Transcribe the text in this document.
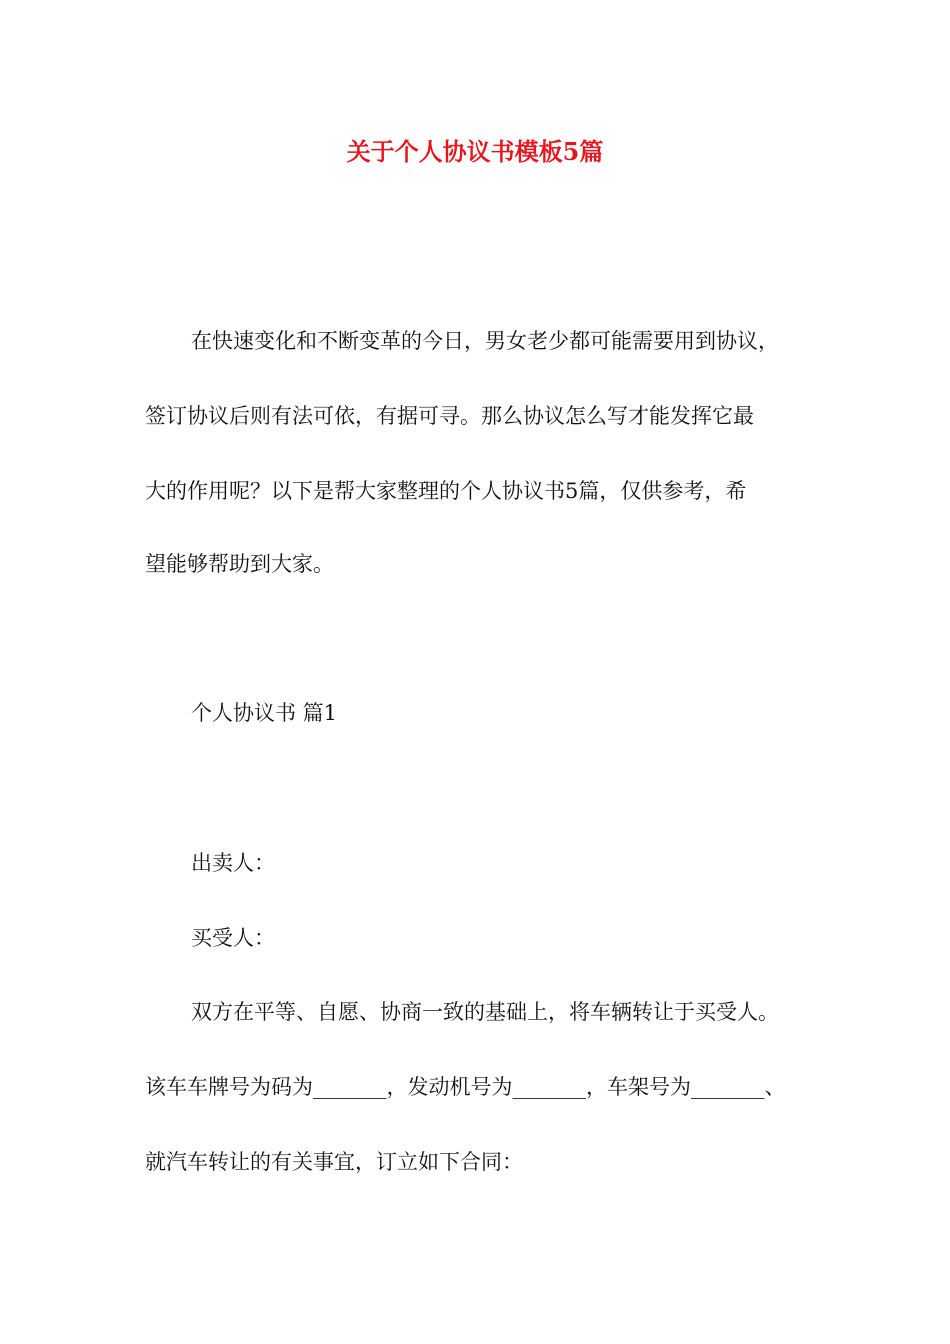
关于个人协议书模板5篇
在快速变化和不断变革的今日，男女老少都可能需要用到协议，
签订协议后则有法可依，有据可寻。那么协议怎么写才能发挥它最
大的作用呢？以下是帮大家整理的个人协议书5篇，仅供参考，希
望能够帮助到大家。
个人协议书 篇1
出卖人：
买受人：
双方在平等、自愿、协商一致的基础上，将车辆转让于买受人。
该车车牌号为码为_______，发动机号为_______，车架号为_______、
就汽车转让的有关事宜，订立如下合同：
